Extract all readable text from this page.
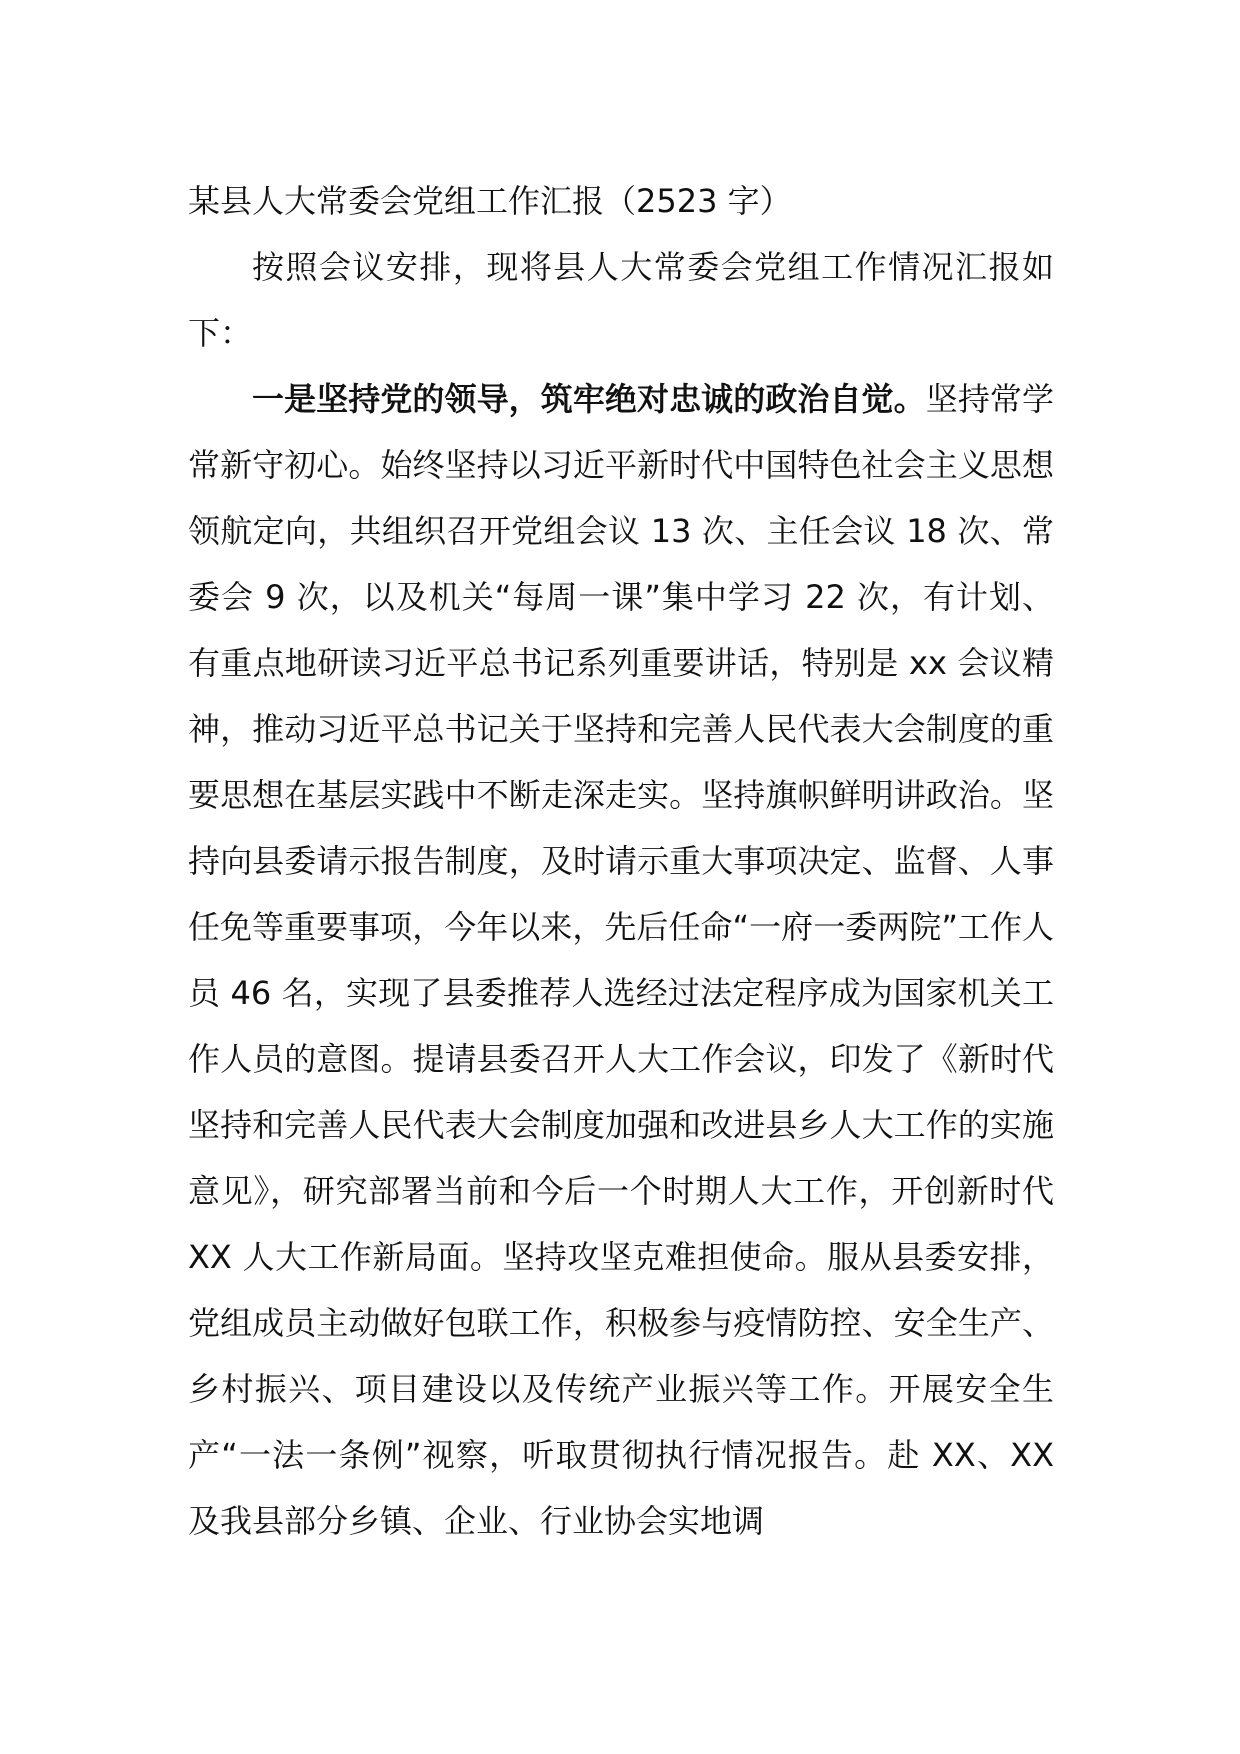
某县人大常委会党组工作汇报（2523 字）

按照会议安排，现将县人大常委会党组工作情况汇报如下：

一是坚持党的领导，筑牢绝对忠诚的政治自觉。坚持常学常新守初心。始终坚持以习近平新时代中国特色社会主义思想领航定向，共组织召开党组会议 13 次、主任会议 18 次、常委会 9 次，以及机关“每周一课”集中学习 22 次，有计划、有重点地研读习近平总书记系列重要讲话，特别是 xx 会议精神，推动习近平总书记关于坚持和完善人民代表大会制度的重要思想在基层实践中不断走深走实。坚持旗帜鲜明讲政治。坚持向县委请示报告制度，及时请示重大事项决定、监督、人事任免等重要事项，今年以来，先后任命“一府一委两院”工作人员 46 名，实现了县委推荐人选经过法定程序成为国家机关工作人员的意图。提请县委召开人大工作会议，印发了《新时代坚持和完善人民代表大会制度加强和改进县乡人大工作的实施意见》，研究部署当前和今后一个时期人大工作，开创新时代 XX 人大工作新局面。坚持攻坚克难担使命。服从县委安排，党组成员主动做好包联工作，积极参与疫情防控、安全生产、乡村振兴、项目建设以及传统产业振兴等工作。开展安全生产“一法一条例”视察，听取贯彻执行情况报告。赴 XX、XX 及我县部分乡镇、企业、行业协会实地调
